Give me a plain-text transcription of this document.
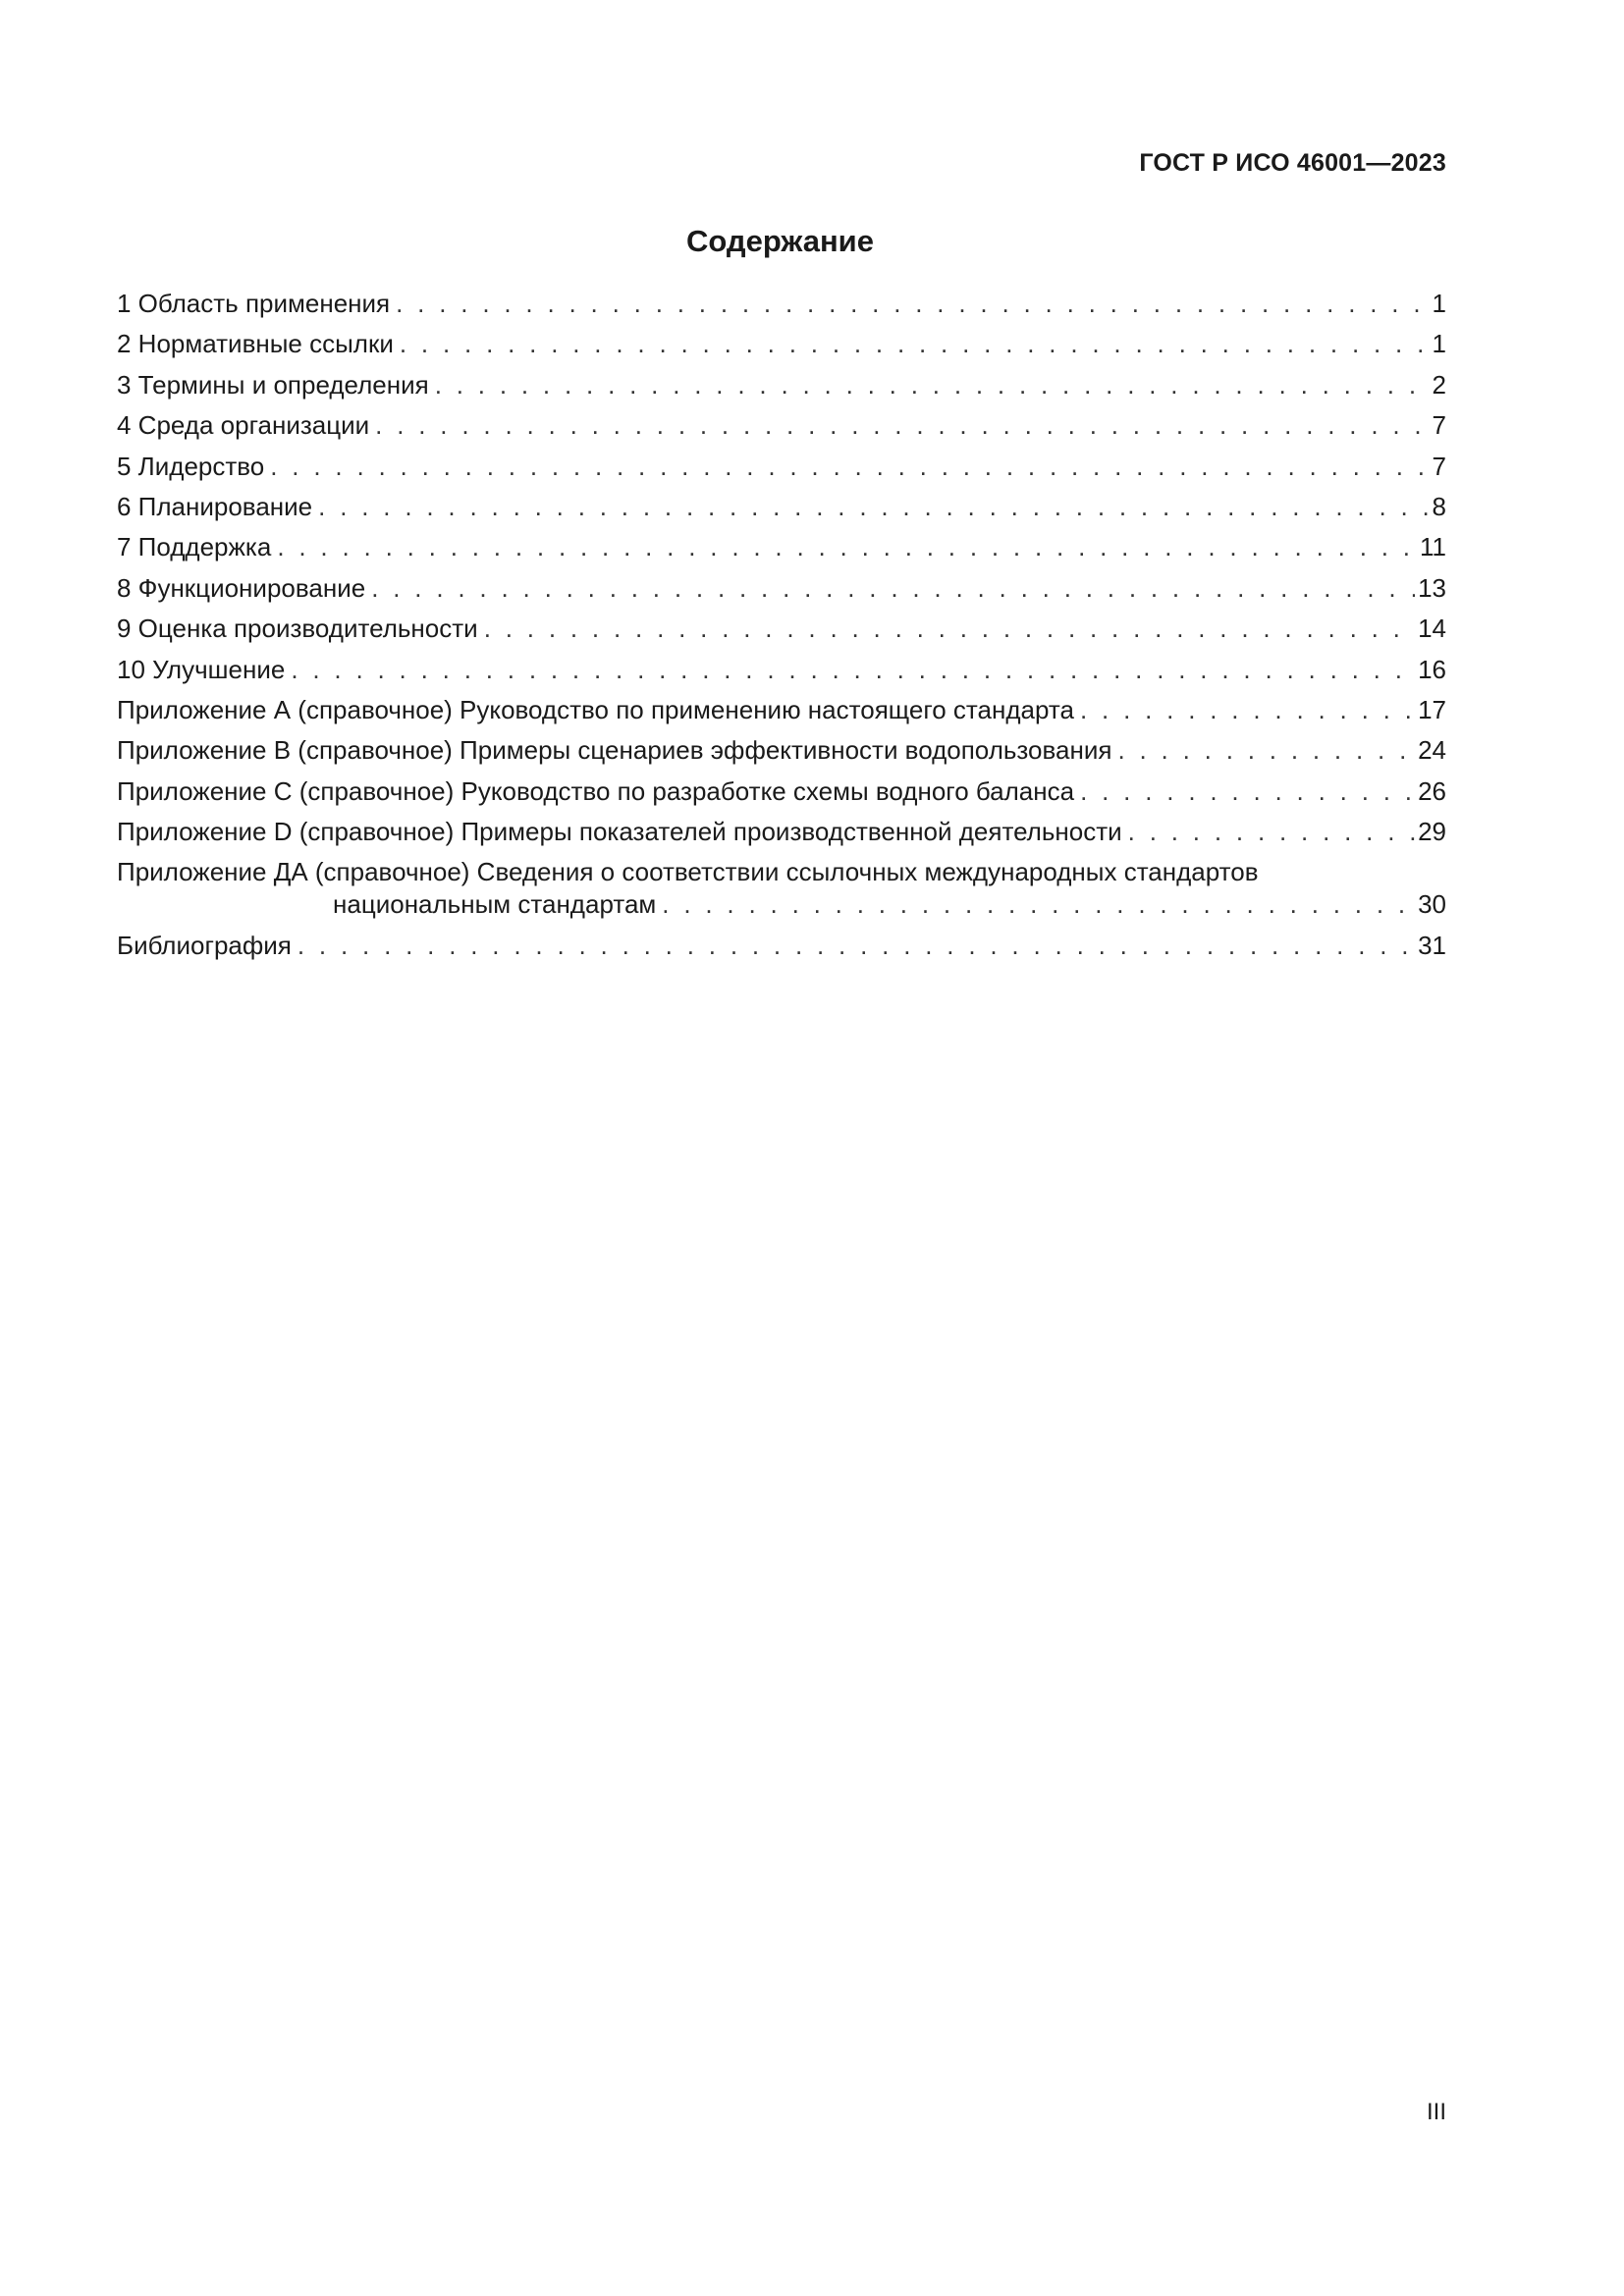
ГОСТ Р ИСО 46001—2023
Содержание
1 Область применения . . .	1
2 Нормативные ссылки . . .	1
3 Термины и определения . . .	2
4 Среда организации . . .	7
5 Лидерство . . .	7
6 Планирование . . .	8
7 Поддержка . . .	11
8 Функционирование . . .	13
9 Оценка производительности . . .	14
10 Улучшение . . .	16
Приложение А (справочное) Руководство по применению настоящего стандарта . . .	17
Приложение В (справочное) Примеры сценариев эффективности водопользования . . .	24
Приложение С (справочное) Руководство по разработке схемы водного баланса . . .	26
Приложение D (справочное) Примеры показателей производственной деятельности . . .	29
Приложение ДА (справочное) Сведения о соответствии ссылочных международных стандартов
национальным стандартам . . .	30
Библиография . . .	31
III
